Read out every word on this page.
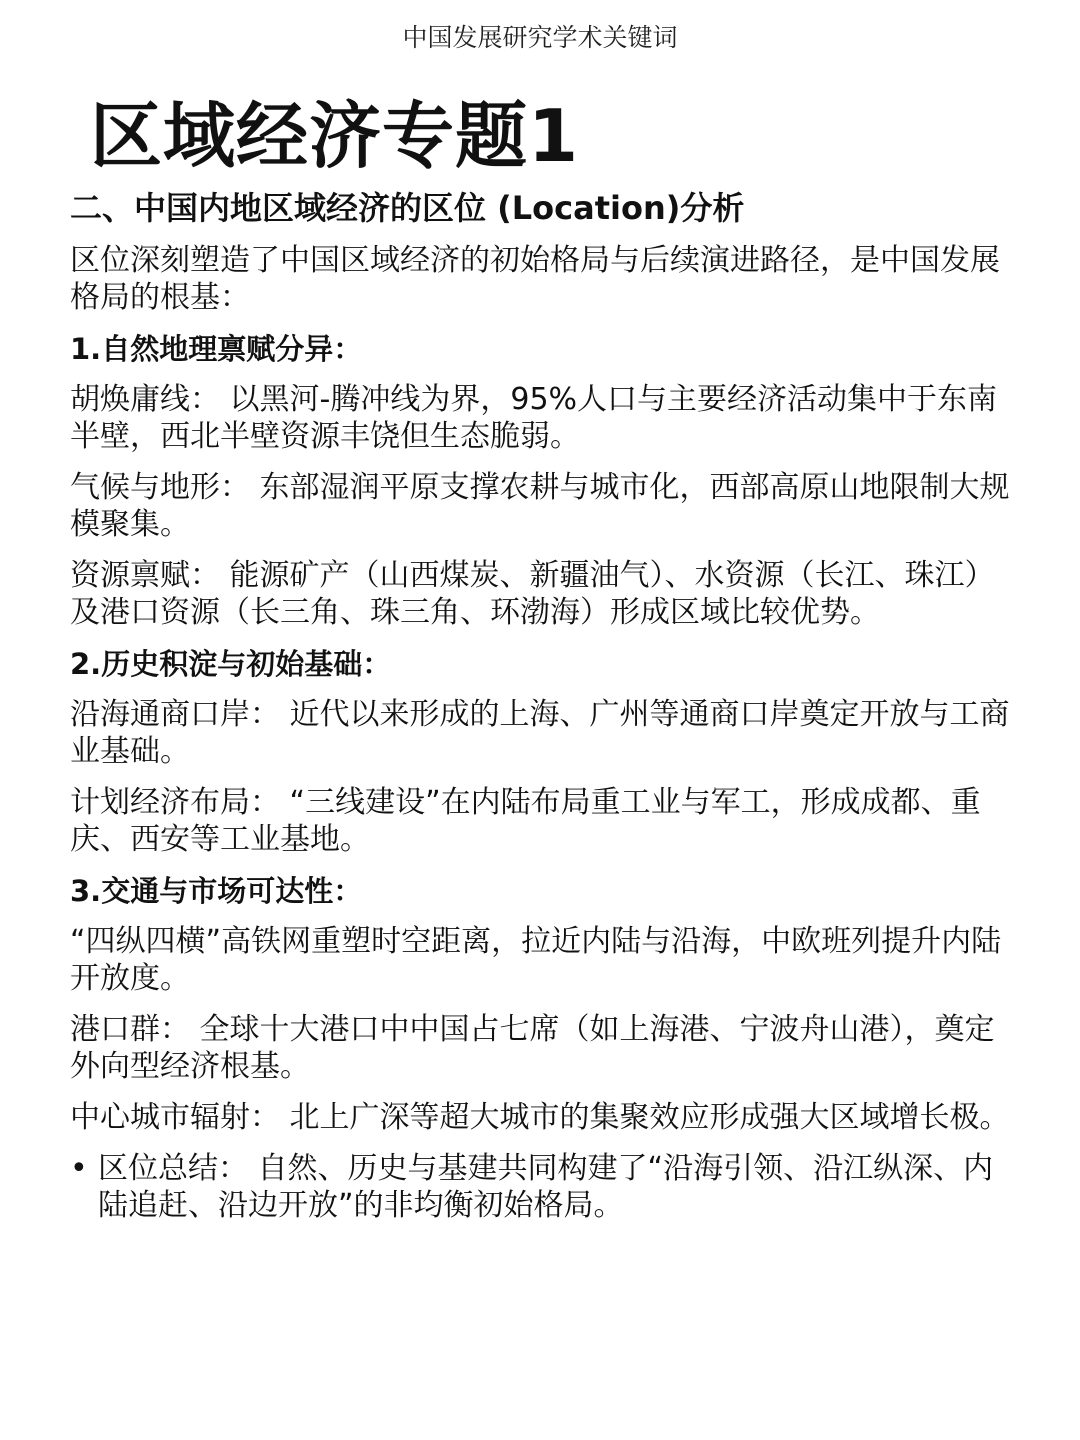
中国发展研究学术关键词
区域经济专题1
二、中国内地区域经济的区位 (Location)分析
区位深刻塑造了中国区域经济的初始格局与后续演进路径，是中国发展格局的根基：
1.自然地理禀赋分异：
胡焕庸线： 以黑河-腾冲线为界，95%人口与主要经济活动集中于东南半壁，西北半壁资源丰饶但生态脆弱。
气候与地形： 东部湿润平原支撑农耕与城市化，西部高原山地限制大规模聚集。
资源禀赋： 能源矿产（山西煤炭、新疆油气）、水资源（长江、珠江）及港口资源（长三角、珠三角、环渤海）形成区域比较优势。
2.历史积淀与初始基础：
沿海通商口岸： 近代以来形成的上海、广州等通商口岸奠定开放与工商业基础。
计划经济布局： “三线建设”在内陆布局重工业与军工，形成成都、重庆、西安等工业基地。
3.交通与市场可达性：
“四纵四横”高铁网重塑时空距离，拉近内陆与沿海，中欧班列提升内陆开放度。
港口群： 全球十大港口中中国占七席（如上海港、宁波舟山港），奠定外向型经济根基。
中心城市辐射： 北上广深等超大城市的集聚效应形成强大区域增长极。
• 区位总结： 自然、历史与基建共同构建了“沿海引领、沿江纵深、内陆追赶、沿边开放”的非均衡初始格局。
